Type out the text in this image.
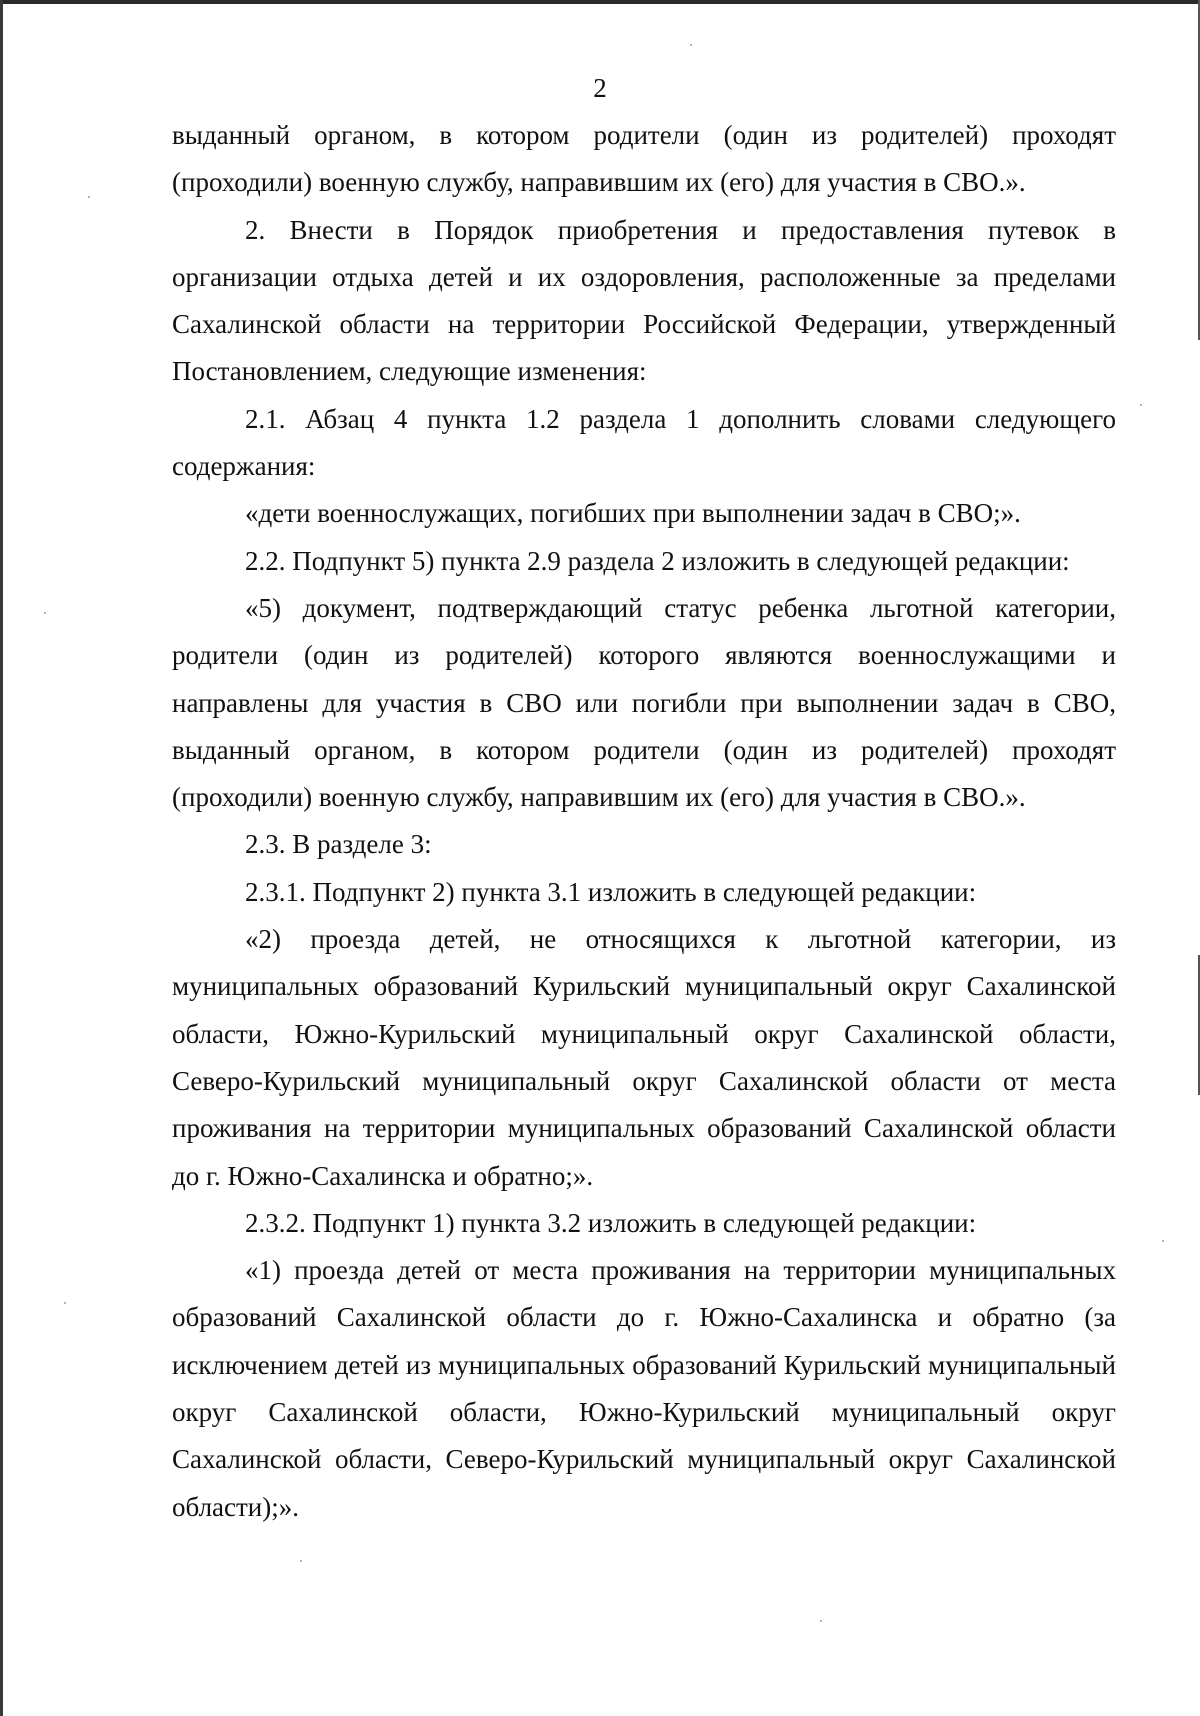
2

выданный органом, в котором родители (один из родителей) проходят (проходили) военную службу, направившим их (его) для участия в СВО.».

2. Внести в Порядок приобретения и предоставления путевок в организации отдыха детей и их оздоровления, расположенные за пределами Сахалинской области на территории Российской Федерации, утвержденный Постановлением, следующие изменения:

2.1. Абзац 4 пункта 1.2 раздела 1 дополнить словами следующего содержания:

«дети военнослужащих, погибших при выполнении задач в СВО;».

2.2. Подпункт 5) пункта 2.9 раздела 2 изложить в следующей редакции:

«5) документ, подтверждающий статус ребенка льготной категории, родители (один из родителей) которого являются военнослужащими и направлены для участия в СВО или погибли при выполнении задач в СВО, выданный органом, в котором родители (один из родителей) проходят (проходили) военную службу, направившим их (его) для участия в СВО.».

2.3. В разделе 3:

2.3.1. Подпункт 2) пункта 3.1 изложить в следующей редакции:

«2) проезда детей, не относящихся к льготной категории, из муниципальных образований Курильский муниципальный округ Сахалинской области, Южно-Курильский муниципальный округ Сахалинской области, Северо-Курильский муниципальный округ Сахалинской области от места проживания на территории муниципальных образований Сахалинской области до г. Южно-Сахалинска и обратно;».

2.3.2. Подпункт 1) пункта 3.2 изложить в следующей редакции:

«1) проезда детей от места проживания на территории муниципальных образований Сахалинской области до г. Южно-Сахалинска и обратно (за исключением детей из муниципальных образований Курильский муниципальный округ Сахалинской области, Южно-Курильский муниципальный округ Сахалинской области, Северо-Курильский муниципальный округ Сахалинской области);».
